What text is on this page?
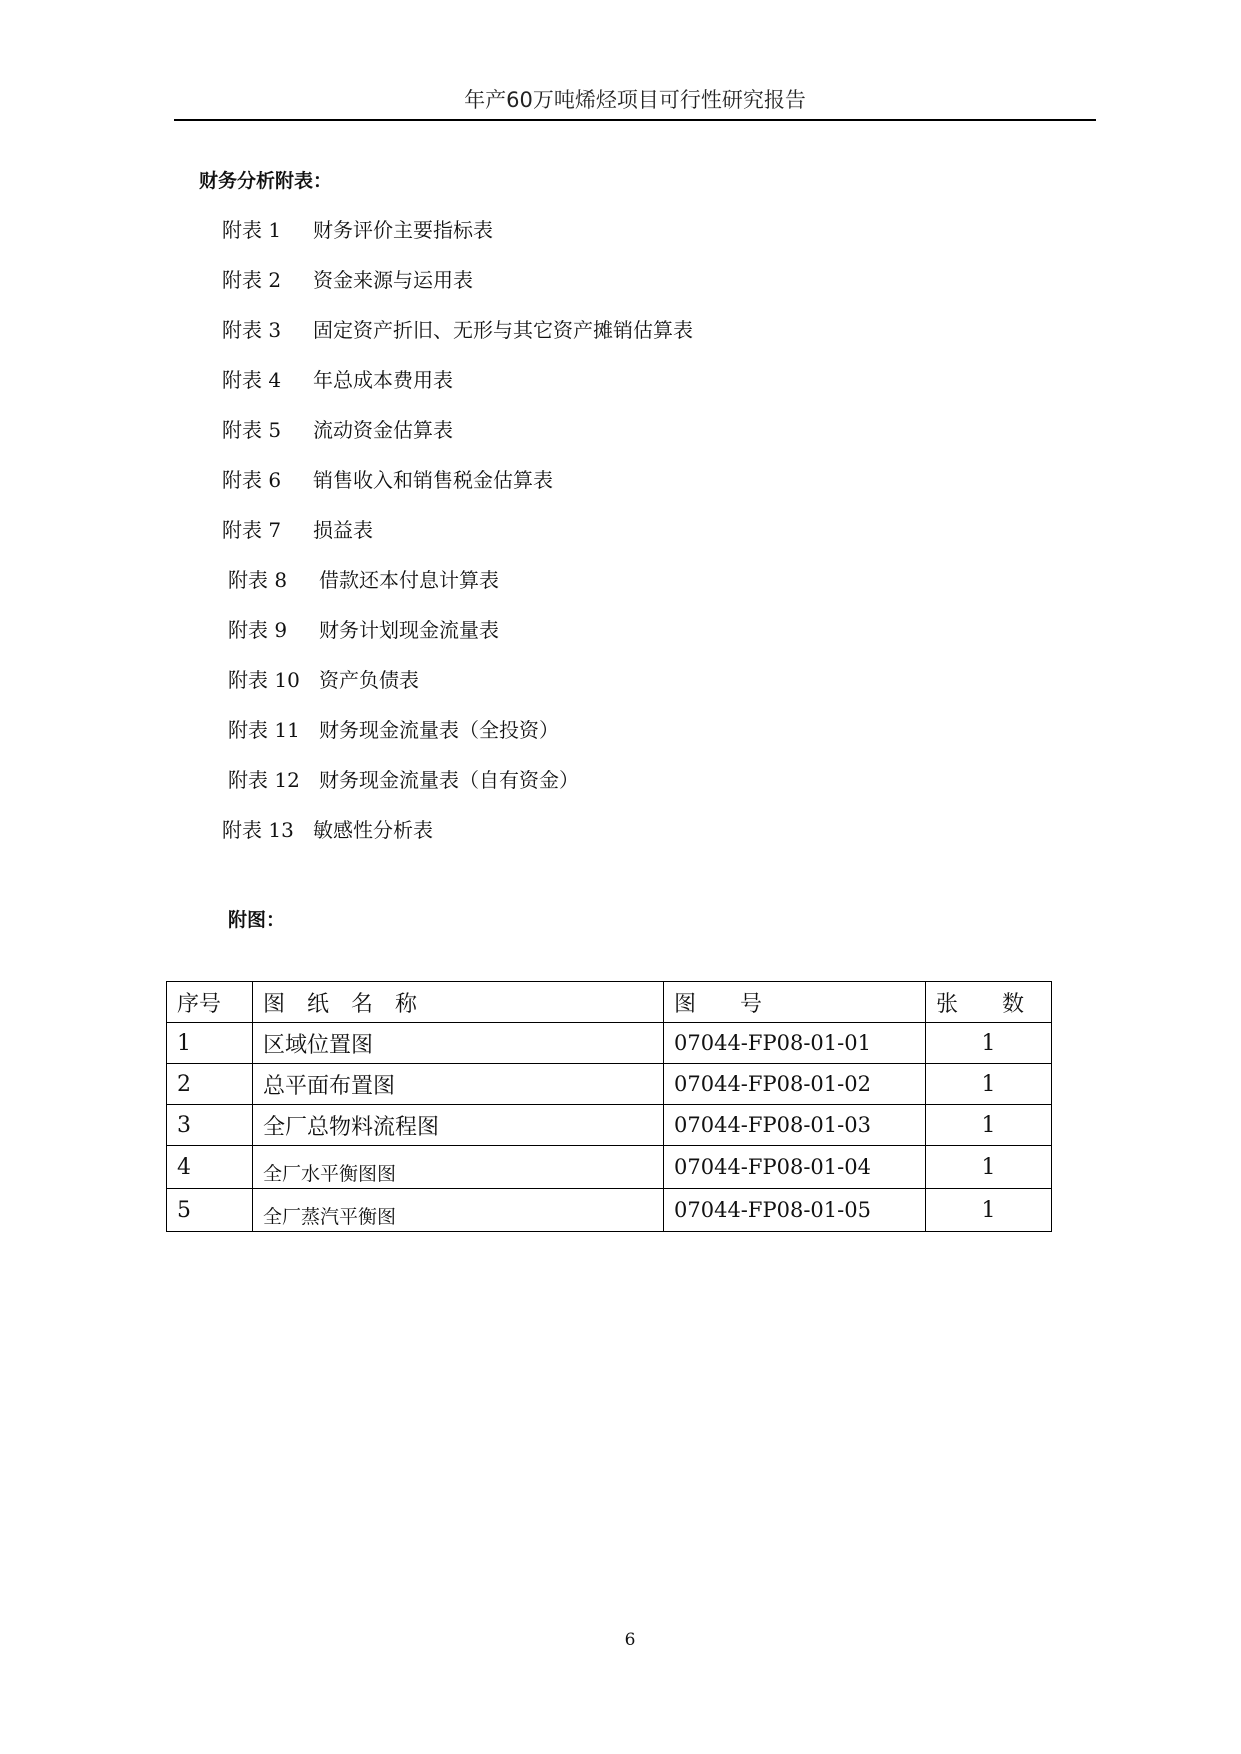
年产60万吨烯烃项目可行性研究报告
财务分析附表：
附表 1 财务评价主要指标表
附表 2 资金来源与运用表
附表 3 固定资产折旧、无形与其它资产摊销估算表
附表 4 年总成本费用表
附表 5 流动资金估算表
附表 6 销售收入和销售税金估算表
附表 7 损益表
附表 8 借款还本付息计算表
附表 9 财务计划现金流量表
附表 10 资产负债表
附表 11 财务现金流量表（全投资）
附表 12 财务现金流量表（自有资金）
附表 13 敏感性分析表
附图：
序号	图　纸　名　称	图　　号	张　　数
1	区域位置图	07044-FP08-01-01	1
2	总平面布置图	07044-FP08-01-02	1
3	全厂总物料流程图	07044-FP08-01-03	1
4	全厂水平衡图图	07044-FP08-01-04	1
5	全厂蒸汽平衡图	07044-FP08-01-05	1
6
